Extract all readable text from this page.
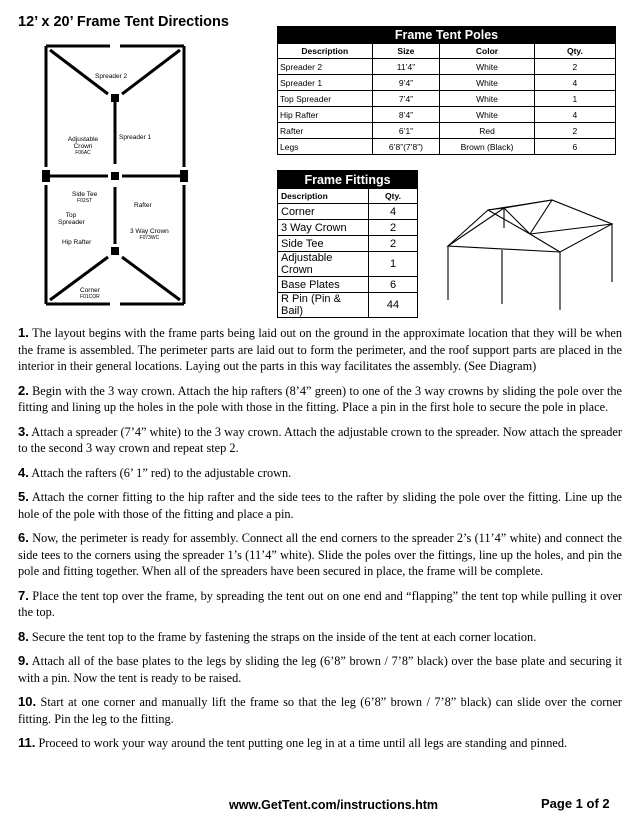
12’ x 20’ Frame Tent Directions
Spreader 2
Adjustable Crown
F06AC
Spreader 1
Side Tee
F02ST
Rafter
Top Spreader
3 Way Crown
F073WC
Hip Rafter
Corner
F01COR
Frame Tent Poles			
Description	Size	Color	Qty.
Spreader 2	11’4”	White	2
Spreader 1	9’4”	White	4
Top Spreader	7’4”	White	1
Hip Rafter	8’4”	White	4
Rafter	6’1”	Red	2
Legs	6’8”(7’8”)	Brown (Black)	6
Frame Fittings	
Description	Qty.
Corner	4
3 Way Crown	2
Side Tee	2
Adjustable Crown	1
Base Plates	6
R Pin (Pin & Bail)	44

1. The layout begins with the frame parts being laid out on the ground in the approximate location that they will be when the frame is assembled. The perimeter parts are laid out to form the perimeter, and the roof support parts are placed in the interior in their general locations. Laying out the parts in this way facilitates the assembly. (See Diagram)

2. Begin with the 3 way crown. Attach the hip rafters (8’4” green) to one of the 3 way crowns by sliding the pole over the fitting and lining up the holes in the pole with those in the fitting. Place a pin in the first hole to secure the pole in place.

3. Attach a spreader (7’4” white) to the 3 way crown. Attach the adjustable crown to the spreader. Now attach the spreader to the second 3 way crown and repeat step 2.

4. Attach the rafters (6’ 1” red) to the adjustable crown.

5. Attach the corner fitting to the hip rafter and the side tees to the rafter by sliding the pole over the fitting. Line up the hole of the pole with those of the fitting and place a pin.

6. Now, the perimeter is ready for assembly. Connect all the end corners to the spreader 2’s (11’4” white) and connect the side tees to the corners using the spreader 1’s (11’4” white). Slide the poles over the fittings, line up the holes, and pin the pole and fitting together. When all of the spreaders have been secured in place, the frame will be complete.

7. Place the tent top over the frame, by spreading the tent out on one end and “flapping” the tent top while pulling it over the top.

8. Secure the tent top to the frame by fastening the straps on the inside of the tent at each corner location.

9. Attach all of the base plates to the legs by sliding the leg (6’8” brown / 7’8” black) over the base plate and securing it with a pin. Now the tent is ready to be raised.

10. Start at one corner and manually lift the frame so that the leg (6’8” brown / 7’8” black) can slide over the corner fitting. Pin the leg to the fitting.

11. Proceed to work your way around the tent putting one leg in at a time until all legs are standing and pinned.

www.GetTent.com/instructions.htm	Page 1 of 2
